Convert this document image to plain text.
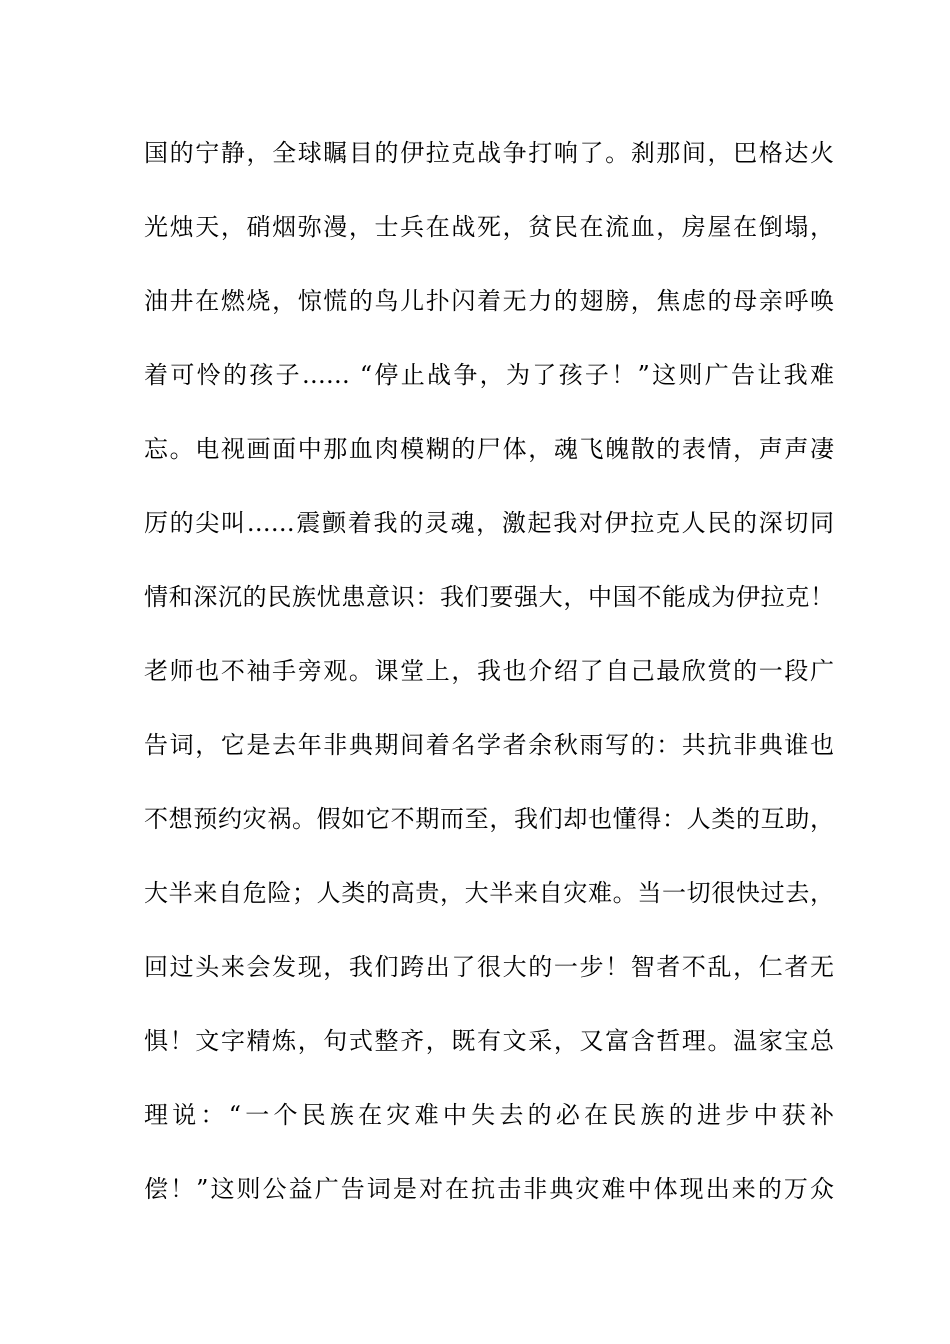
国的宁静，全球瞩目的伊拉克战争打响了。刹那间，巴格达火
光烛天，硝烟弥漫，士兵在战死，贫民在流血，房屋在倒塌，
油井在燃烧，惊慌的鸟儿扑闪着无力的翅膀，焦虑的母亲呼唤
着可怜的孩子…… “停止战争，为了孩子！”这则广告让我难
忘。电视画面中那血肉模糊的尸体，魂飞魄散的表情，声声凄
厉的尖叫……震颤着我的灵魂，激起我对伊拉克人民的深切同
情和深沉的民族忧患意识：我们要强大，中国不能成为伊拉克！
老师也不袖手旁观。课堂上，我也介绍了自己最欣赏的一段广
告词，它是去年非典期间着名学者余秋雨写的：共抗非典谁也
不想预约灾祸。假如它不期而至，我们却也懂得：人类的互助，
大半来自危险；人类的高贵，大半来自灾难。当一切很快过去，
回过头来会发现，我们跨出了很大的一步！智者不乱，仁者无
惧！文字精炼，句式整齐，既有文采，又富含哲理。温家宝总
理说：“一个民族在灾难中失去的必在民族的进步中获补
偿！”这则公益广告词是对在抗击非典灾难中体现出来的万众
